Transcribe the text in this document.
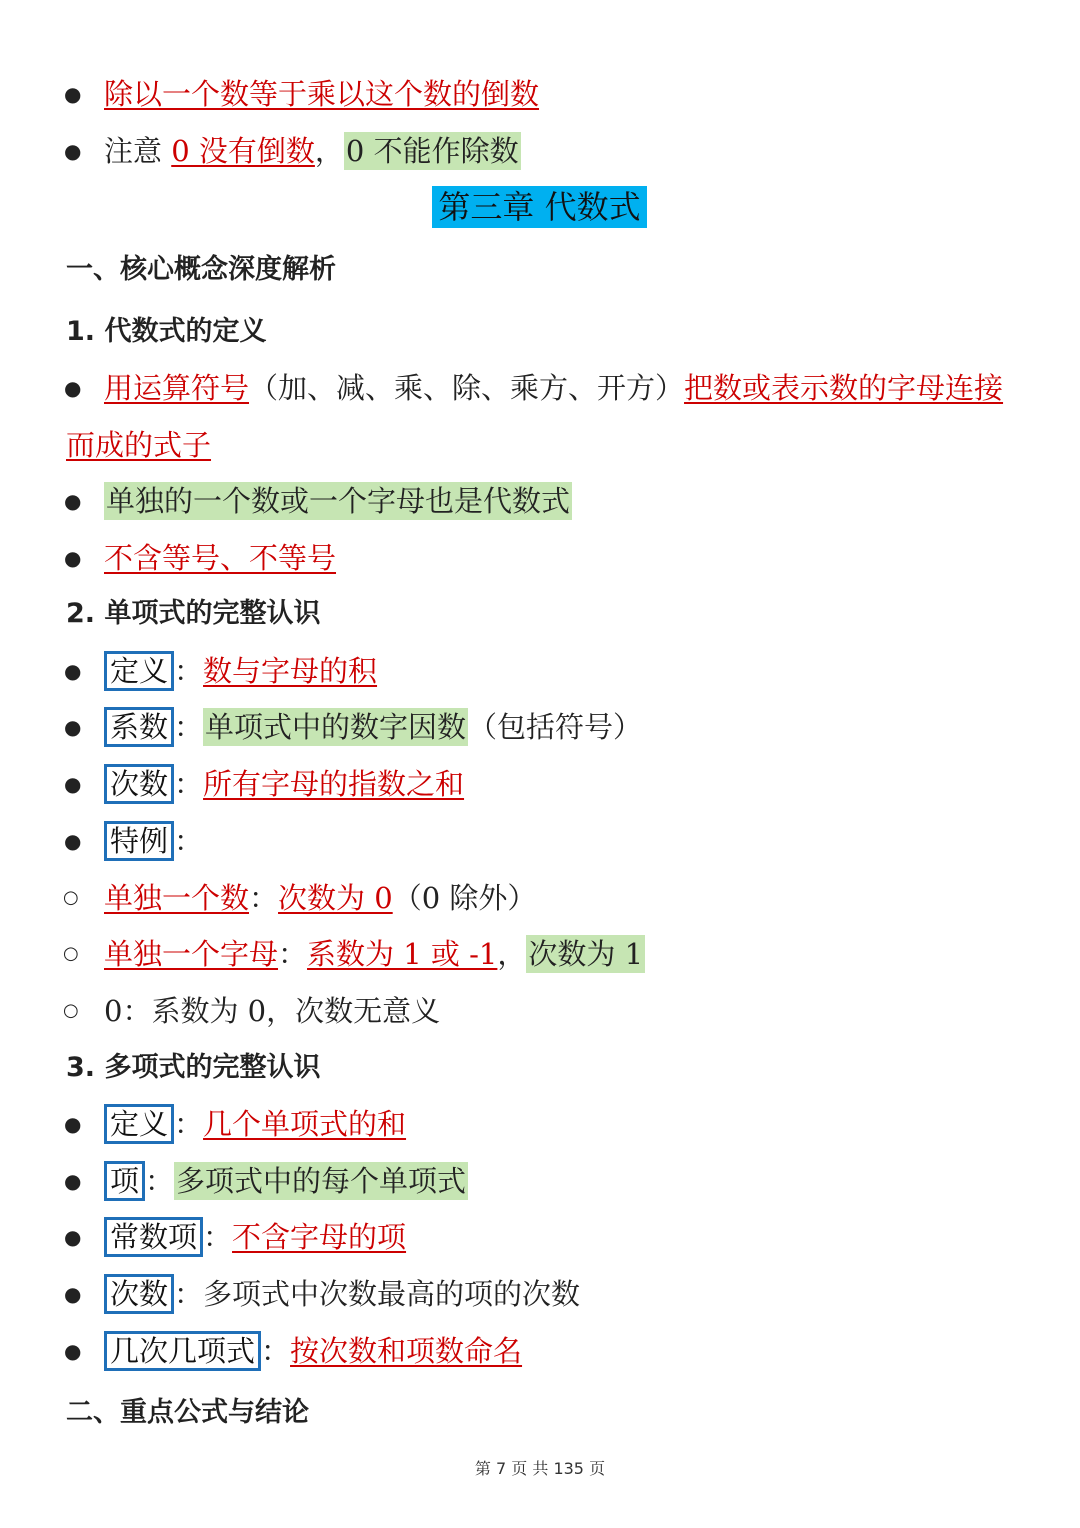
● 除以一个数等于乘以这个数的倒数
● 注意 0 没有倒数，0 不能作除数
第三章 代数式
一、核心概念深度解析
1. 代数式的定义
● 用运算符号（加、减、乘、除、乘方、开方）把数或表示数的字母连接
而成的式子
● 单独的一个数或一个字母也是代数式
● 不含等号、不等号
2. 单项式的完整认识
● 定义 ：数与字母的积
● 系数 ：单项式中的数字因数（包括符号）
● 次数 ：所有字母的指数之和
● 特例 ：
○ 单独一个数：次数为 0（0 除外）
○ 单独一个字母：系数为 1 或 -1，次数为 1
○ 0：系数为 0，次数无意义
3. 多项式的完整认识
● 定义 ：几个单项式的和
● 项 ：多项式中的每个单项式
● 常数项 ：不含字母的项
● 次数 ：多项式中次数最高的项的次数
● 几次几项式 ：按次数和项数命名
二、重点公式与结论
第 7 页 共 135 页
